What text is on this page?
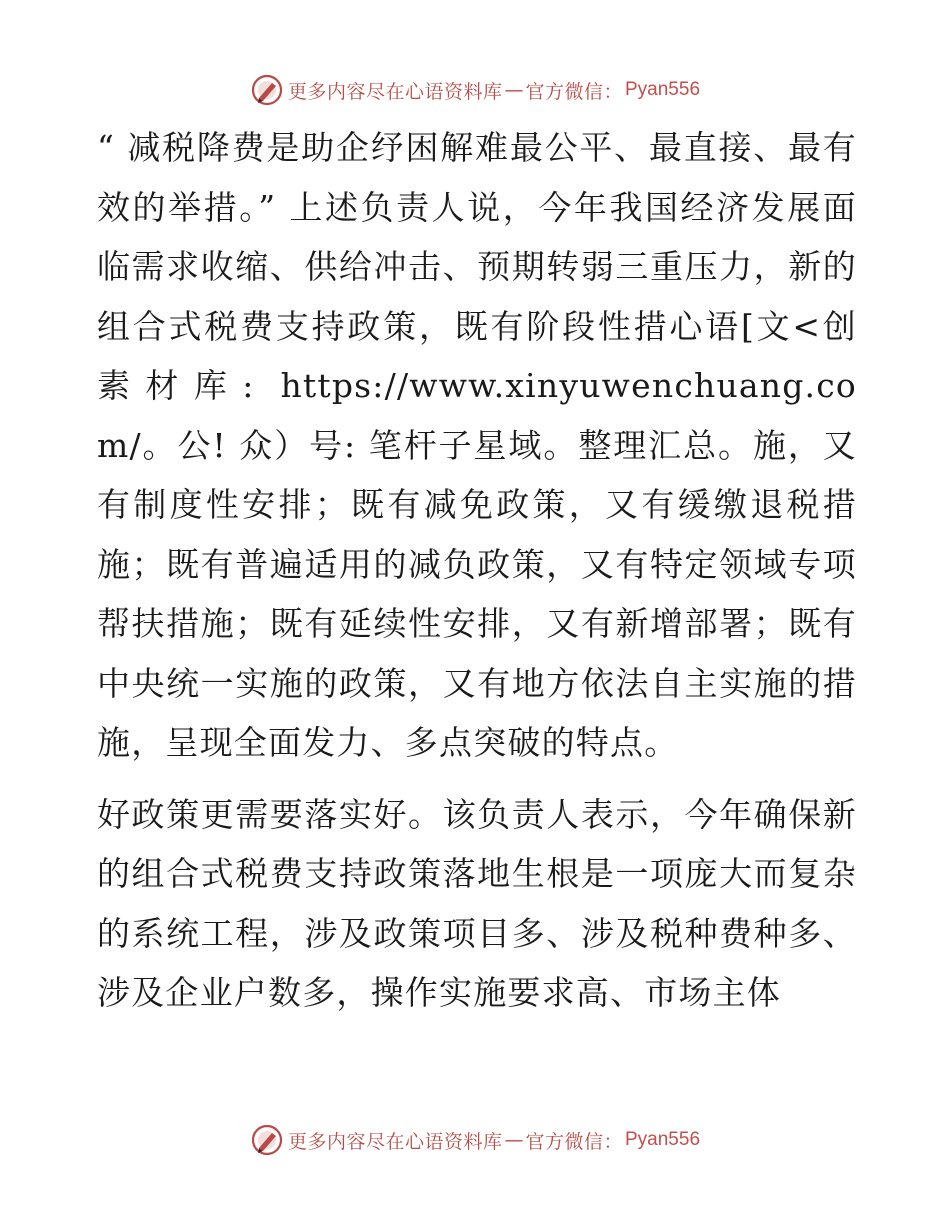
更多内容尽在心语资料库 — 官方微信： Pyan556

“ 减税降费是助企纾困解难最公平、最直接、最有效的举措。” 上述负责人说，今年我国经济发展面临需求收缩、供给冲击、预期转弱三重压力，新的组合式税费支持政策，既有阶段性措心语[文<创素材库: https://www.xinyuwenchuang.com/。公! 众）号: 笔杆子星域。整理汇总。施，又有制度性安排；既有减免政策，又有缓缴退税措施；既有普遍适用的减负政策，又有特定领域专项帮扶措施；既有延续性安排，又有新增部署；既有中央统一实施的政策，又有地方依法自主实施的措施，呈现全面发力、多点突破的特点。

好政策更需要落实好。该负责人表示，今年确保新的组合式税费支持政策落地生根是一项庞大而复杂的系统工程，涉及政策项目多、涉及税种费种多、涉及企业户数多，操作实施要求高、市场主体

更多内容尽在心语资料库 — 官方微信： Pyan556
